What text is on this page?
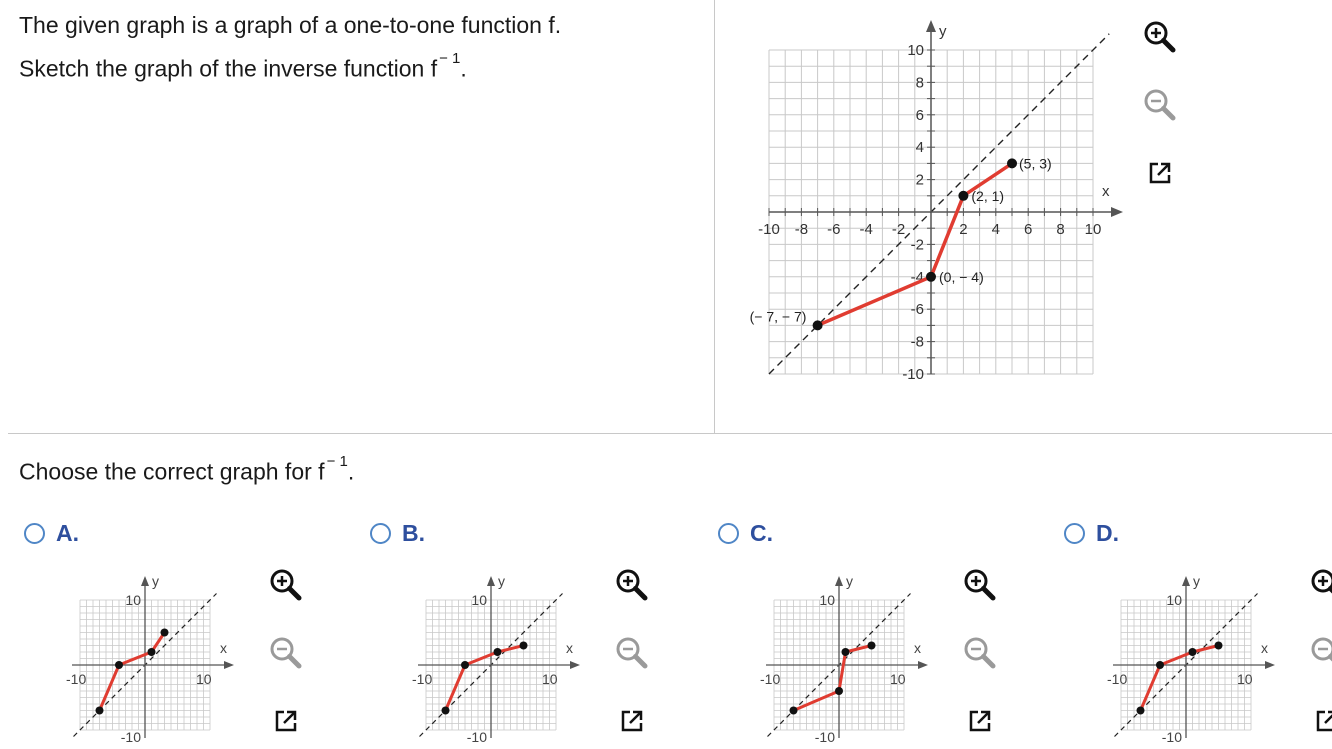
The given graph is a graph of a one-to-one function f.
Sketch the graph of the inverse function f $^{- 1}$.
-10 -8 -6 -4 -2	2 4 6 8 10
10
8
6
4
2
-2
-4
-6
-8
-10
(− 7, − 7)
(0, − 4)
(2, 1)
(5, 3)
x
y
Choose the correct graph for f $^{- 1}$.
A.	B.	C.	D.
10
-10	10
-10
x
y
10
-10	10
-10
x
y
10
-10	10
-10
x
y
10
-10	10
-10
x
y
